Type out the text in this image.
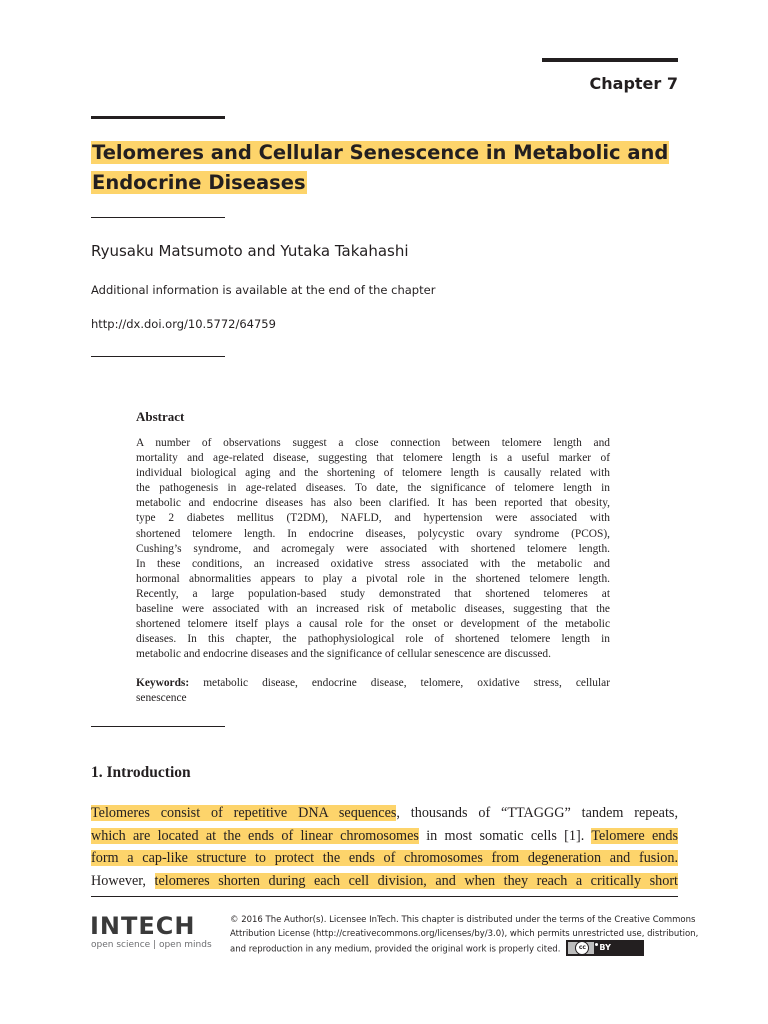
Chapter 7
Telomeres and Cellular Senescence in Metabolic and
Endocrine Diseases
Ryusaku Matsumoto and Yutaka Takahashi
Additional information is available at the end of the chapter
http://dx.doi.org/10.5772/64759
Abstract
A number of observations suggest a close connection between telomere length and
mortality and age-related disease, suggesting that telomere length is a useful marker of
individual biological aging and the shortening of telomere length is causally related with
the pathogenesis in age-related diseases. To date, the significance of telomere length in
metabolic and endocrine diseases has also been clarified. It has been reported that obesity,
type 2 diabetes mellitus (T2DM), NAFLD, and hypertension were associated with
shortened telomere length. In endocrine diseases, polycystic ovary syndrome (PCOS),
Cushing’s syndrome, and acromegaly were associated with shortened telomere length.
In these conditions, an increased oxidative stress associated with the metabolic and
hormonal abnormalities appears to play a pivotal role in the shortened telomere length.
Recently, a large population-based study demonstrated that shortened telomeres at
baseline were associated with an increased risk of metabolic diseases, suggesting that the
shortened telomere itself plays a causal role for the onset or development of the metabolic
diseases. In this chapter, the pathophysiological role of shortened telomere length in
metabolic and endocrine diseases and the significance of cellular senescence are discussed.
Keywords: metabolic disease, endocrine disease, telomere, oxidative stress, cellular
senescence
1. Introduction
Telomeres consist of repetitive DNA sequences, thousands of “TTAGGG” tandem repeats,
which are located at the ends of linear chromosomes in most somatic cells [1]. Telomere ends
form a cap-like structure to protect the ends of chromosomes from degeneration and fusion.
However, telomeres shorten during each cell division, and when they reach a critically short
INTECH
open science | open minds
© 2016 The Author(s). Licensee InTech. This chapter is distributed under the terms of the Creative Commons
Attribution License (http://creativecommons.org/licenses/by/3.0), which permits unrestricted use, distribution,
and reproduction in any medium, provided the original work is properly cited.	cc	BY
